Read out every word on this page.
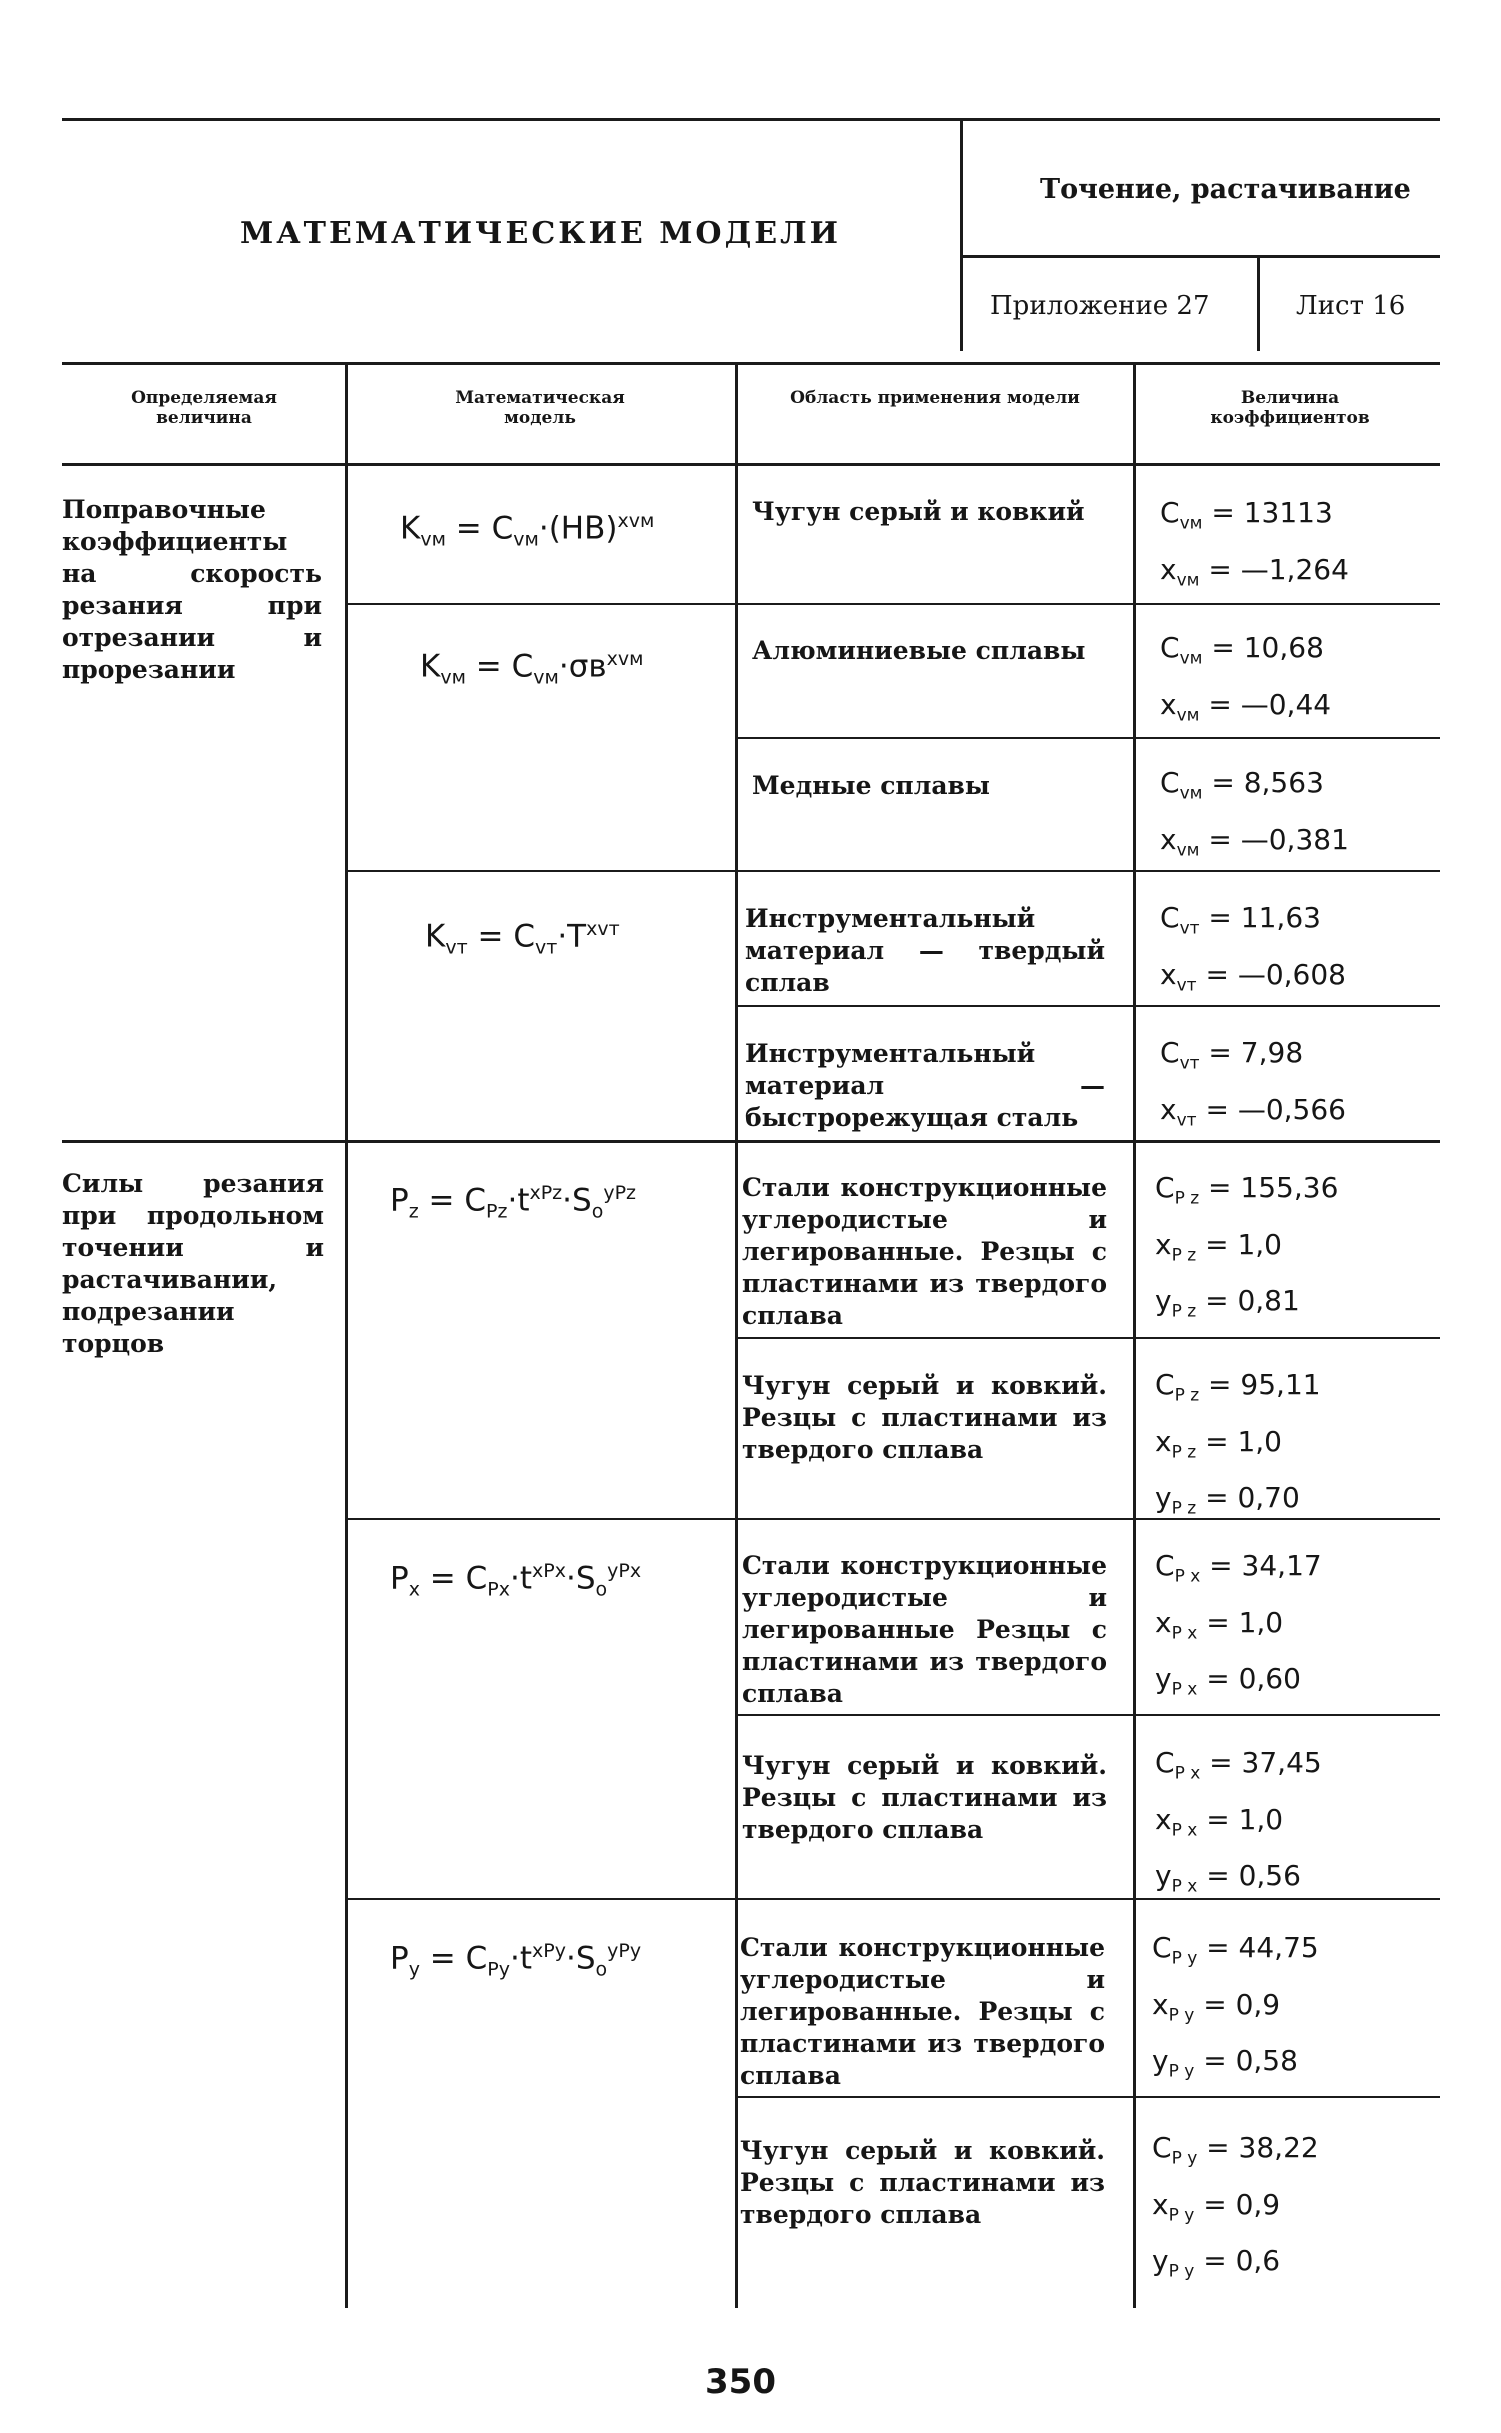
МАТЕМАТИЧЕСКИЕ МОДЕЛИ
Точение, растачивание
Приложение 27	Лист 16
Определяемая величина
Математическая модель
Область применения модели	Величина коэффициентов
Поправочные коэффициенты на скорость резания при отрезании и прорезании
Силы резания при продольном точении и растачивании, подрезании торцов
$K_{vм} = C_{vм}\cdot(HB)^{xvм}$
$K_{vм} = C_{vм}\cdot\sigma в^{xvм}$
$K_{vт} = C_{vт}\cdot T^{xvт}$
$P_z = C_{Pz}\cdot t^{xPz}\cdot S_o^{yPz}$
$P_x = C_{Px}\cdot t^{xPx}\cdot S_o^{yPx}$
$P_y = C_{Py}\cdot t^{xPy}\cdot S_o^{yPy}$
Чугун серый и ковкий
Алюминиевые сплавы
Медные сплавы
Инструментальный материал — твердый сплав
Инструментальный материал — быстрорежущая сталь
Стали конструкционные углеродистые и легированные. Резцы с пластинами из твердого сплава
Чугун серый и ковкий. Резцы с пластинами из твердого сплава
Стали конструкционные углеродистые и легированные Резцы с пластинами из твердого сплава
Чугун серый и ковкий. Резцы с пластинами из твердого сплава
Стали конструкционные углеродистые и легированные. Резцы с пластинами из твердого сплава
Чугун серый и ковкий. Резцы с пластинами из твердого сплава
$C_{vм} = 13113$
$x_{vм}$ = —1,264
$C_{vм} = 10,68$
$x_{vм}$ = —0,44
$C_{vм} = 8,563$
$x_{vм}$ = —0,381
$C_{vт} = 11,63$
$x_{vт}$ = —0,608
$C_{vт} = 7,98$
$x_{vт}$ = —0,566
$C_{P z} = 155,36$
$x_{P z} = 1,0$
$y_{P z} = 0,81$
$C_{P z} = 95,11$
$x_{P z} = 1,0$
$y_{P z} = 0,70$
$C_{P x} = 34,17$
$x_{P x} = 1,0$
$y_{P x} = 0,60$
$C_{P x} = 37,45$
$x_{P x} = 1,0$
$y_{P x} = 0,56$
$C_{P y} = 44,75$
$x_{P y} = 0,9$
$y_{P y} = 0,58$
$C_{P y} = 38,22$
$x_{P y} = 0,9$
$y_{P y} = 0,6$
350
